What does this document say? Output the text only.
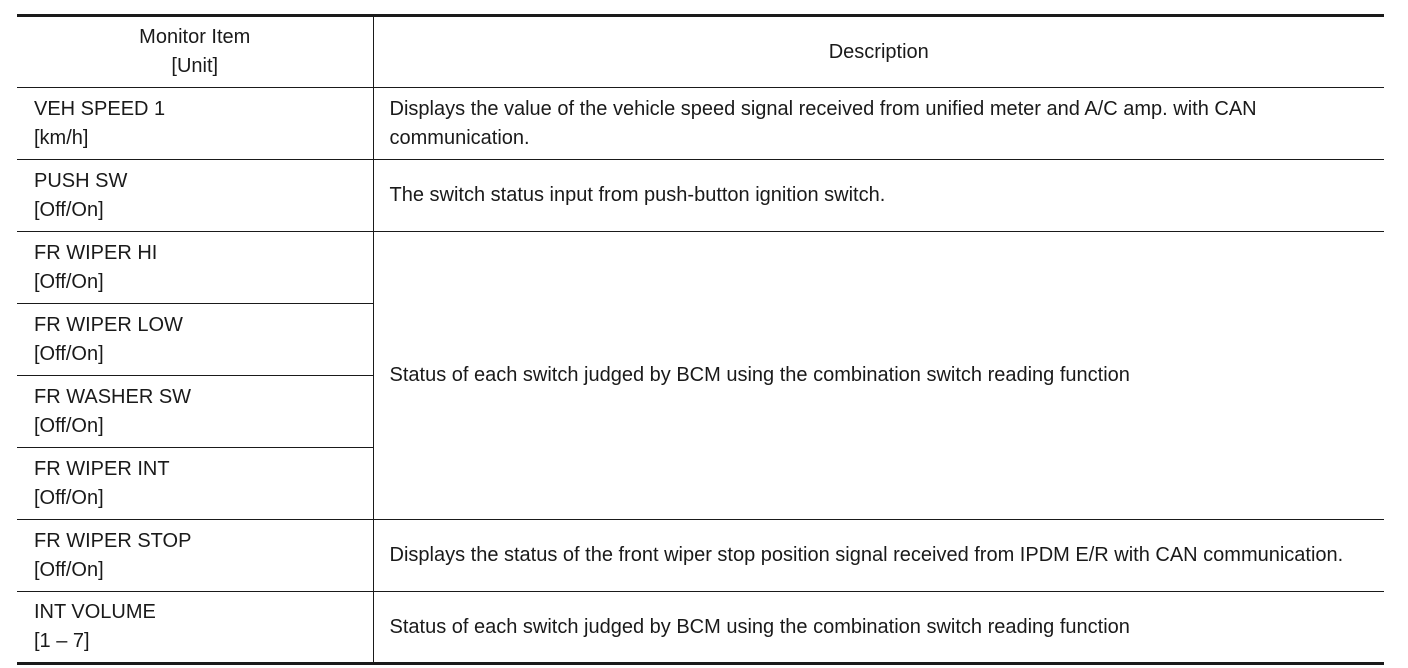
Monitor Item
[Unit]	Description

VEH SPEED 1
[km/h]	Displays the value of the vehicle speed signal received from unified meter and A/C amp. with CAN communication.

PUSH SW
[Off/On]	The switch status input from push-button ignition switch.

FR WIPER HI
[Off/On]	Status of each switch judged by BCM using the combination switch reading function

FR WIPER LOW
[Off/On]	

FR WASHER SW
[Off/On]	

FR WIPER INT
[Off/On]	

FR WIPER STOP
[Off/On]	Displays the status of the front wiper stop position signal received from IPDM E/R with CAN communication.

INT VOLUME
[1 – 7]	Status of each switch judged by BCM using the combination switch reading function
